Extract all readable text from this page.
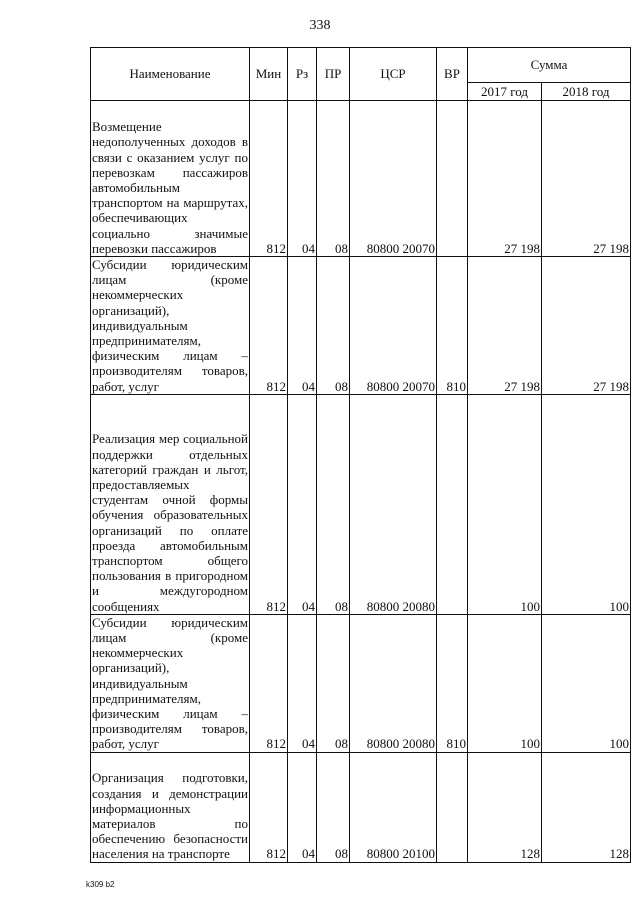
338
Наименование	Мин	Рз	ПР	ЦСР	ВР	Сумма	
						2017 год	2018 год
Возмещение недополученных доходов в связи с оказанием услуг по перевозкам пассажиров автомобильным транспортом на маршрутах, обеспечивающих социально значимые перевозки пассажиров	812	04	08	80800 20070		27 198	27 198
Субсидии юридическим лицам (кроме некоммерческих организаций), индивидуальным предпринимателям, физическим лицам – производителям товаров, работ, услуг	812	04	08	80800 20070	810	27 198	27 198
Реализация мер социальной поддержки отдельных категорий граждан и льгот, предоставляемых студентам очной формы обучения образовательных организаций по оплате проезда автомобильным транспортом общего пользования в пригородном и междугородном сообщениях	812	04	08	80800 20080		100	100
Субсидии юридическим лицам (кроме некоммерческих организаций), индивидуальным предпринимателям, физическим лицам – производителям товаров, работ, услуг	812	04	08	80800 20080	810	100	100
Организация подготовки, создания и демонстрации информационных материалов по обеспечению безопасности населения на транспорте	812	04	08	80800 20100		128	128
k309 b2
